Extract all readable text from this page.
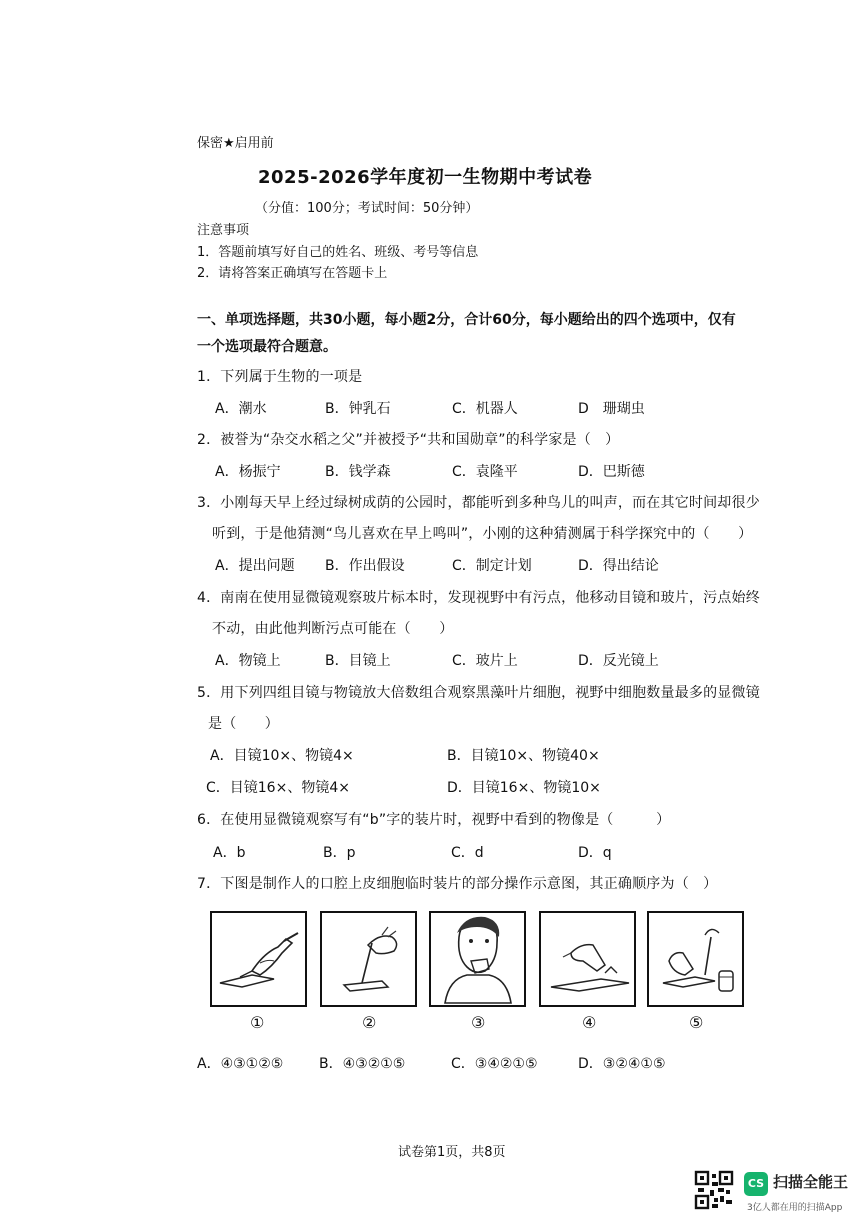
保密★启用前
2025-2026学年度初一生物期中考试卷
（分值：100分；考试时间：50分钟）
注意事项
1．答题前填写好自己的姓名、班级、考号等信息
2．请将答案正确填写在答题卡上
一、单项选择题，共30小题，每小题2分，合计60分，每小题给出的四个选项中，仅有
一个选项最符合题意。
1．下列属于生物的一项是
A．潮水	B．钟乳石	C．机器人	D　珊瑚虫
2．被誉为“杂交水稻之父”并被授予“共和国勋章”的科学家是（　）
A．杨振宁	B．钱学森	C．袁隆平	D．巴斯德
3．小刚每天早上经过绿树成荫的公园时，都能听到多种鸟儿的叫声，而在其它时间却很少
听到，于是他猜测“鸟儿喜欢在早上鸣叫”，小刚的这种猜测属于科学探究中的（　　）
A．提出问题 B．作出假设	C．制定计划	D．得出结论
4．南南在使用显微镜观察玻片标本时，发现视野中有污点，他移动目镜和玻片，污点始终
不动，由此他判断污点可能在（　　）
A．物镜上	B．目镜上	C．玻片上	D．反光镜上
5．用下列四组目镜与物镜放大倍数组合观察黑藻叶片细胞，视野中细胞数量最多的显微镜
是（　　）
A．目镜10×、物镜4×	B．目镜10×、物镜40×
C．目镜16×、物镜4×	D．目镜16×、物镜10×
6．在使用显微镜观察写有“b”字的装片时，视野中看到的物像是（　　　）
A．b	B．p	C．d	D．q
7．下图是制作人的口腔上皮细胞临时装片的部分操作示意图，其正确顺序为（　）
①	②	③	④	⑤
A．④③①②⑤	B．④③②①⑤	C．③④②①⑤	D．③②④①⑤
试卷第1页，共8页
CS 扫描全能王
3亿人都在用的扫描App
